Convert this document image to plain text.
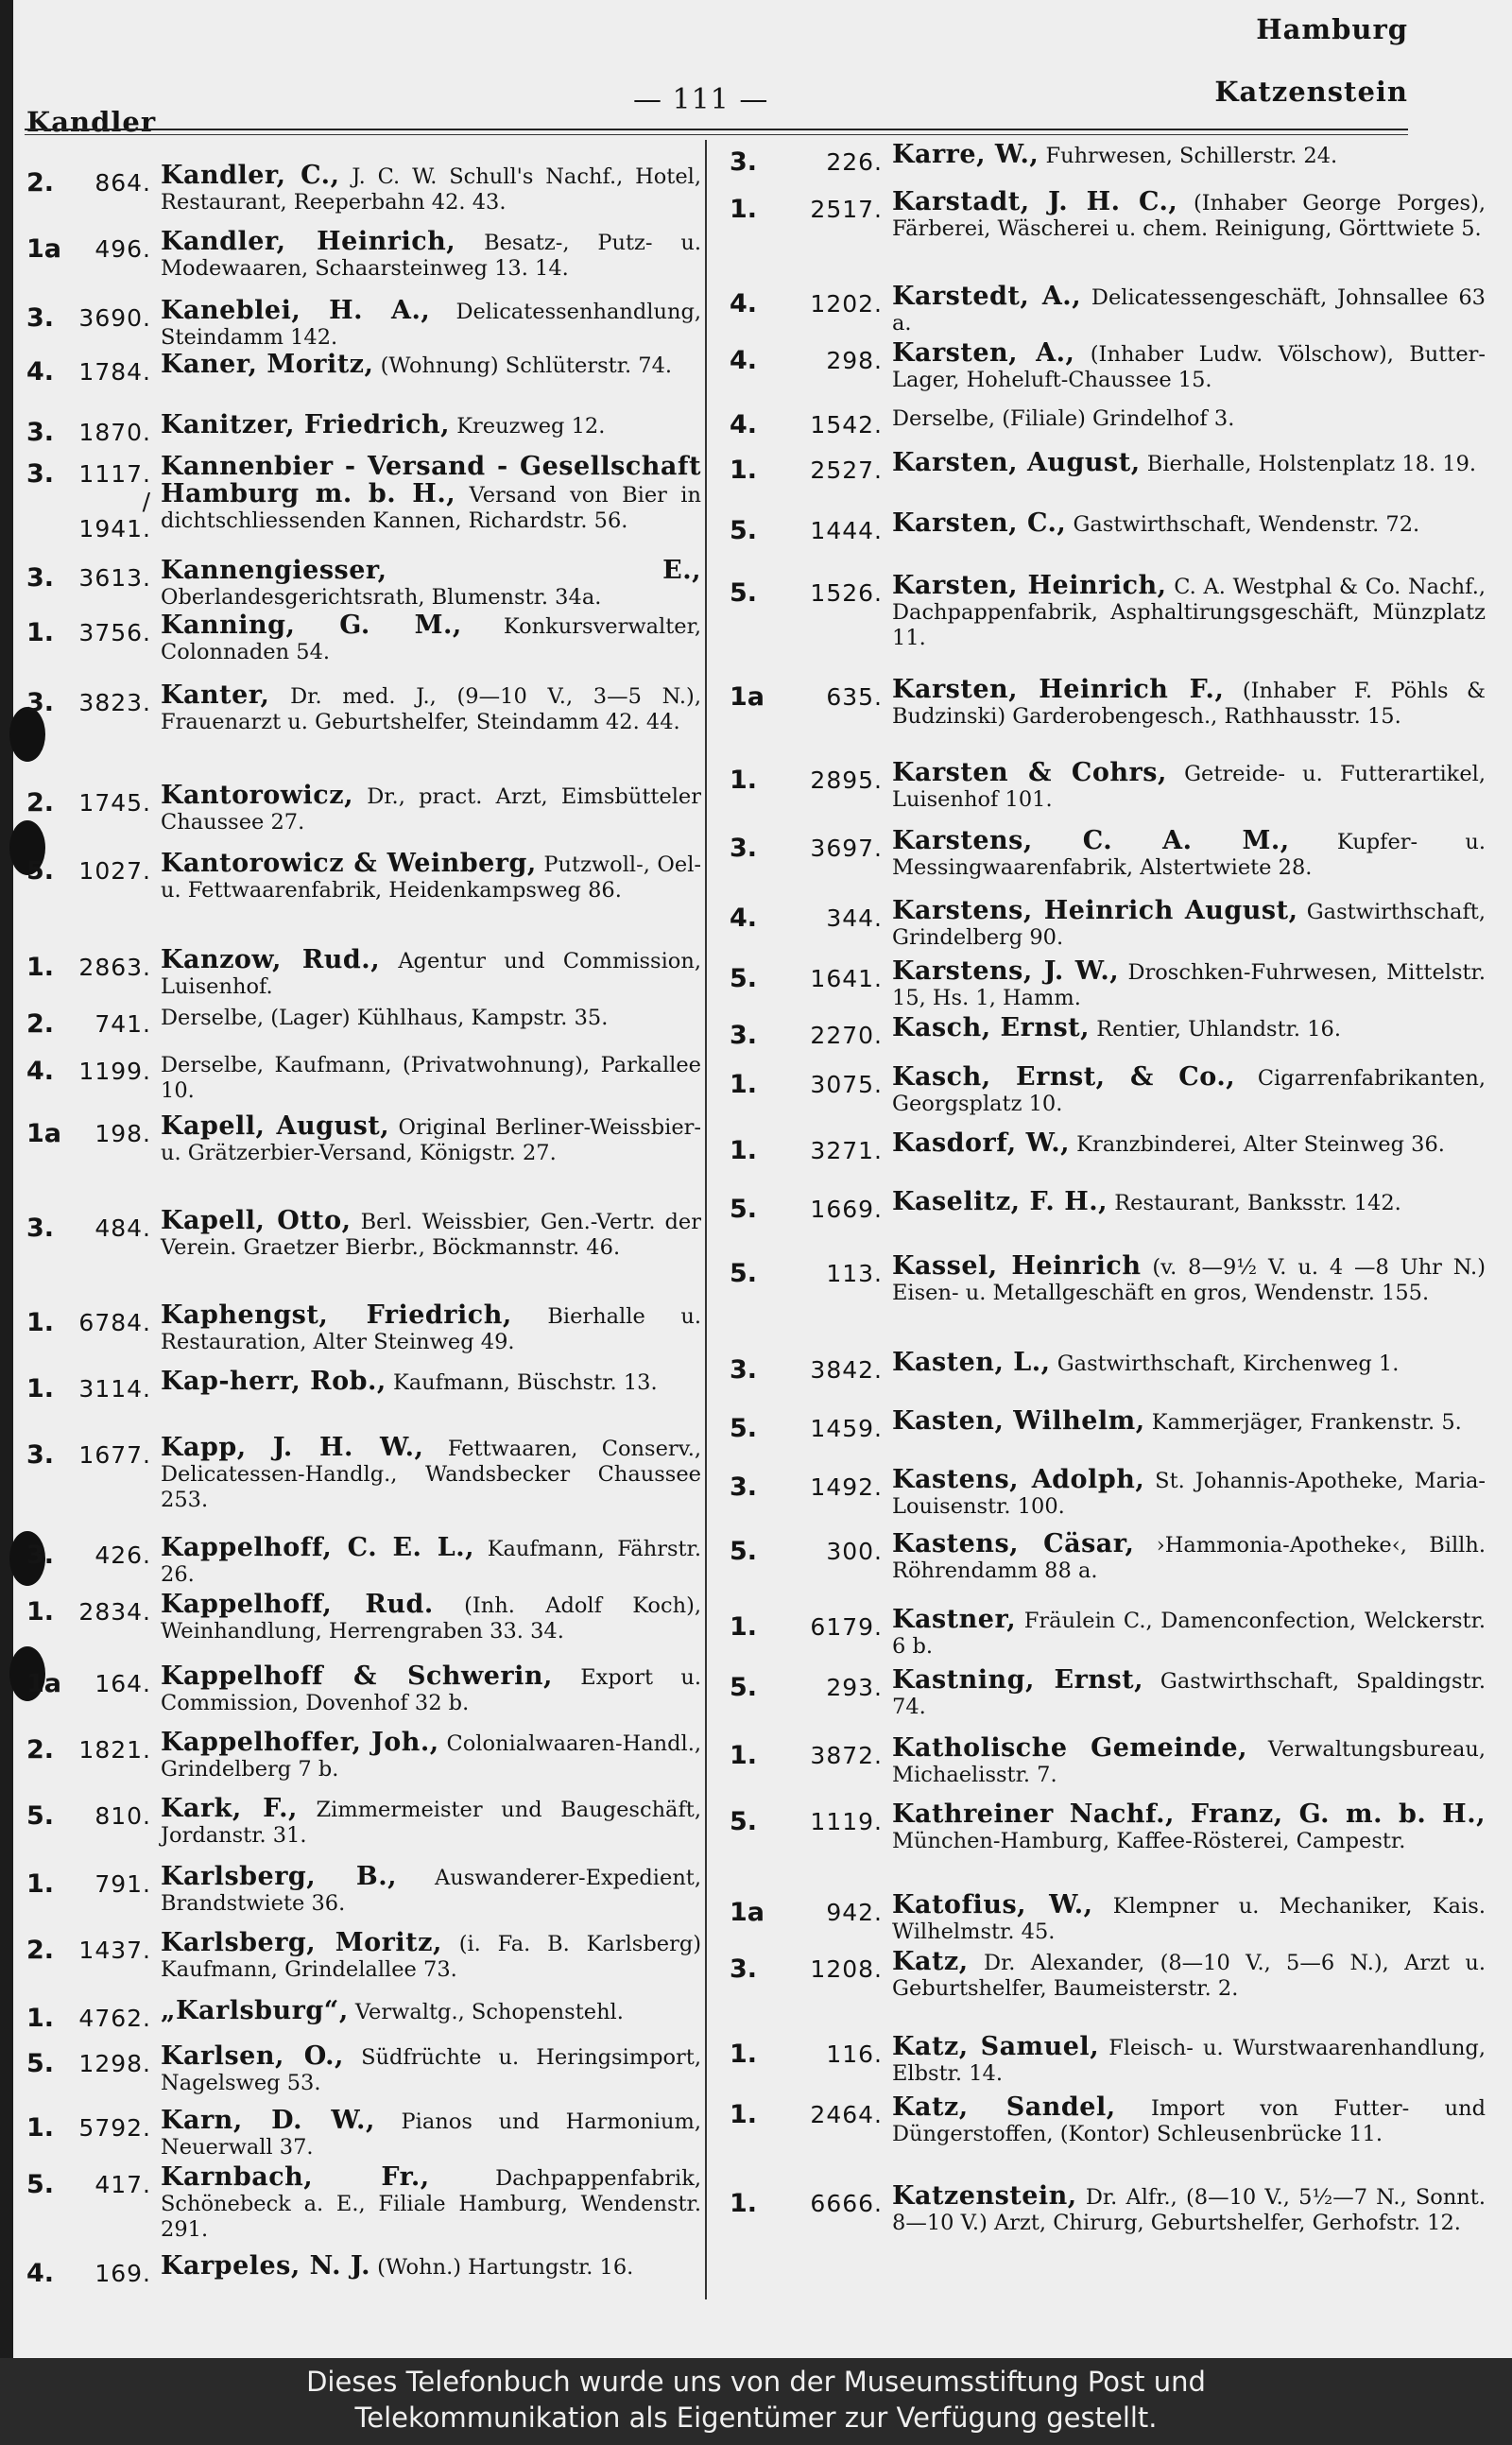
Hamburg
Kandler
— 111 —	Katzenstein
2.	864. Kandler, C., J. C. W. Schull's Nachf., Hotel, Restaurant, Reeperbahn 42. 43.
1a	496. Kandler, Heinrich, Besatz-, Putz- u. Modewaaren, Schaarsteinweg 13. 14.
3.	3690. Kaneblei, H. A., Delicatessenhandlung, Steindamm 142.
4.	1784. Kaner, Moritz, (Wohnung) Schlüterstr. 74.
3.	1870. Kanitzer, Friedrich, Kreuzweg 12.
3.	1117. / 1941.
Kannenbier - Versand - Gesellschaft Hamburg m. b. H., Versand von Bier in dichtschliessenden Kannen, Richardstr. 56.
3.	3613. Kannengiesser, E., Oberlandesgerichtsrath, Blumenstr. 34a.
1.	3756. Kanning, G. M., Konkursverwalter, Colonnaden 54.
3.	3823. Kanter, Dr. med. J., (9—10 V., 3—5 N.), Frauenarzt u. Geburtshelfer, Steindamm 42. 44.
2.	1745. Kantorowicz, Dr., pract. Arzt, Eimsbütteler Chaussee 27.
5.	1027. Kantorowicz & Weinberg, Putzwoll-, Oel- u. Fettwaarenfabrik, Heidenkampsweg 86.
1.	2863. Kanzow, Rud., Agentur und Commission, Luisenhof.
2.	741. Derselbe, (Lager) Kühlhaus, Kampstr. 35.
4.	1199. Derselbe, Kaufmann, (Privatwohnung), Parkallee 10.
1a	198. Kapell, August, Original Berliner-Weissbier- u. Grätzerbier-Versand, Königstr. 27.
3.	484. Kapell, Otto, Berl. Weissbier, Gen.-Vertr. der Verein. Graetzer Bierbr., Böckmannstr. 46.
1.	6784. Kaphengst, Friedrich, Bierhalle u. Restauration, Alter Steinweg 49.
1.	3114. Kap-herr, Rob., Kaufmann, Büschstr. 13.
3.	1677. Kapp, J. H. W., Fettwaaren, Conserv., Delicatessen-Handlg., Wandsbecker Chaussee 253.
3.	426. Kappelhoff, C. E. L., Kaufmann, Fährstr. 26.
1.	2834. Kappelhoff, Rud. (Inh. Adolf Koch), Weinhandlung, Herrengraben 33. 34.
1a	164. Kappelhoff & Schwerin, Export u. Commission, Dovenhof 32 b.
2.	1821. Kappelhoffer, Joh., Colonialwaaren-Handl., Grindelberg 7 b.
5.	810. Kark, F., Zimmermeister und Baugeschäft, Jordanstr. 31.
1.	791. Karlsberg, B., Auswanderer-Expedient, Brandstwiete 36.
2.	1437. Karlsberg, Moritz, (i. Fa. B. Karlsberg) Kaufmann, Grindelallee 73.
1.	4762. „Karlsburg“, Verwaltg., Schopenstehl.
5.	1298. Karlsen, O., Südfrüchte u. Heringsimport, Nagelsweg 53.
1.	5792. Karn, D. W., Pianos und Harmonium, Neuerwall 37.
5.	417. Karnbach, Fr.,	Dachpappenfabrik, Schönebeck a. E., Filiale Hamburg, Wendenstr. 291.
4.	169. Karpeles, N. J. (Wohn.) Hartungstr. 16.
3.	226. Karre, W., Fuhrwesen, Schillerstr. 24.
1.	2517. Karstadt, J. H. C., (Inhaber George Porges), Färberei, Wäscherei u. chem. Reinigung, Görttwiete 5.
4.	1202. Karstedt, A., Delicatessengeschäft, Johnsallee 63 a.
4.	298. Karsten, A., (Inhaber Ludw. Völschow), Butter-Lager, Hoheluft-Chaussee 15.
4.	1542. Derselbe, (Filiale) Grindelhof 3.
1.	2527. Karsten, August, Bierhalle, Holstenplatz 18. 19.
5.	1444. Karsten, C., Gastwirthschaft, Wendenstr. 72.
5.	1526. Karsten, Heinrich, C. A. Westphal & Co. Nachf., Dachpappenfabrik, Asphaltirungsgeschäft, Münzplatz 11.
1a	635. Karsten, Heinrich F., (Inhaber F. Pöhls & Budzinski) Garderobengesch., Rathhausstr. 15.
1.	2895. Karsten & Cohrs, Getreide- u. Futterartikel, Luisenhof 101.
3.	3697. Karstens, C. A. M., Kupfer- u. Messingwaarenfabrik, Alstertwiete 28.
4.	344. Karstens, Heinrich August, Gastwirthschaft, Grindelberg 90.
5.	1641. Karstens, J. W., Droschken-Fuhrwesen, Mittelstr. 15, Hs. 1, Hamm.
3.	2270. Kasch, Ernst, Rentier, Uhlandstr. 16.
1.	3075. Kasch, Ernst, & Co., Cigarrenfabrikanten, Georgsplatz 10.
1.	3271. Kasdorf, W., Kranzbinderei, Alter Steinweg 36.
5.	1669. Kaselitz, F. H., Restaurant, Banksstr. 142.
5.	113. Kassel, Heinrich (v. 8—9½ V. u. 4 —8 Uhr N.) Eisen- u. Metallgeschäft en gros, Wendenstr. 155.
3.	3842. Kasten, L., Gastwirthschaft, Kirchenweg 1.
5.	1459. Kasten, Wilhelm, Kammerjäger, Frankenstr. 5.
3.	1492. Kastens, Adolph, St. Johannis-Apotheke, Maria-Louisenstr. 100.
5.	300. Kastens, Cäsar, ›Hammonia-Apotheke‹, Billh. Röhrendamm 88 a.
1.	6179. Kastner, Fräulein C., Damenconfection, Welckerstr. 6 b.
5.	293. Kastning, Ernst, Gastwirthschaft, Spaldingstr. 74.
1.	3872. Katholische Gemeinde, Verwaltungsbureau, Michaelisstr. 7.
5.	1119. Kathreiner Nachf., Franz, G. m. b. H., München-Hamburg, Kaffee-Rösterei, Campestr.
1a	942. Katofius, W., Klempner u. Mechaniker, Kais. Wilhelmstr. 45.
3.	1208. Katz, Dr. Alexander, (8—10 V., 5—6 N.), Arzt u. Geburtshelfer, Baumeisterstr. 2.
1.	116. Katz, Samuel, Fleisch- u. Wurstwaarenhandlung, Elbstr. 14.
1.	2464. Katz, Sandel, Import von Futter- und Düngerstoffen, (Kontor) Schleusenbrücke 11.
1.	6666. Katzenstein, Dr. Alfr., (8—10 V., 5½—7 N., Sonnt. 8—10 V.) Arzt, Chirurg, Geburtshelfer, Gerhofstr. 12.
Dieses Telefonbuch wurde uns von der Museumsstiftung Post und
Telekommunikation als Eigentümer zur Verfügung gestellt.
